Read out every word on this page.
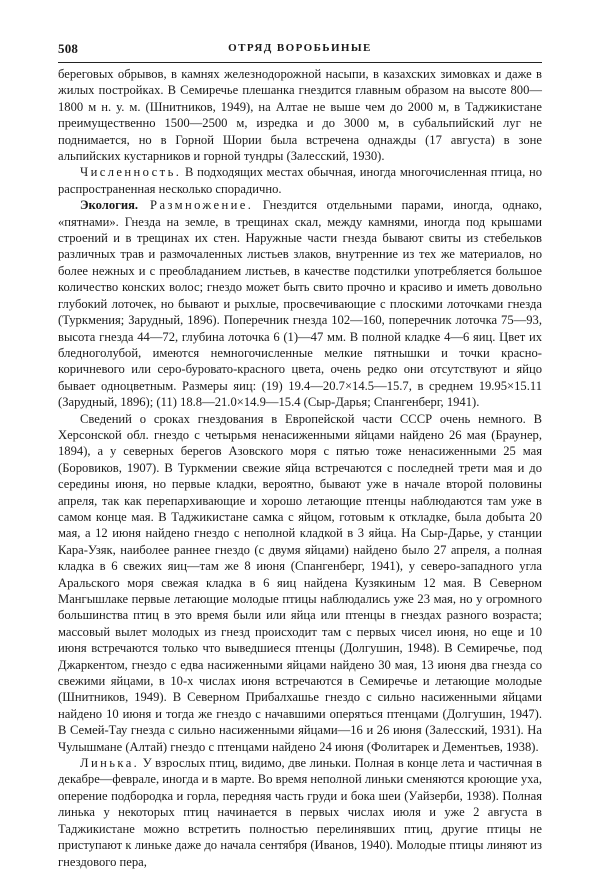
508	ОТРЯД ВОРОБЬИНЫЕ

береговых обрывов, в камнях железнодорожной насыпи, в казахских зимовках и даже в жилых постройках. В Семиречье плешанка гнездится главным образом на высоте 800—1800 м н. у. м. (Шнитников, 1949), на Алтае не выше чем до 2000 м, в Таджикистане преимущественно 1500—2500 м, изредка и до 3000 м, в субальпийский луг не поднимается, но в Горной Шории была встречена однажды (17 августа) в зоне альпийских кустарников и горной тундры (Залесский, 1930).

Численность. В подходящих местах обычная, иногда многочисленная птица, но распространенная несколько спорадично.

Экология. Размножение. Гнездится отдельными парами, иногда, однако, «пятнами». Гнезда на земле, в трещинах скал, между камнями, иногда под крышами строений и в трещинах их стен. Наружные части гнезда бывают свиты из стебельков различных трав и размочаленных листьев злаков, внутренние из тех же материалов, но более нежных и с преобладанием листьев, в качестве подстилки употребляется большое количество конских волос; гнездо может быть свито прочно и красиво и иметь довольно глубокий лоточек, но бывают и рыхлые, просвечивающие с плоскими лоточками гнезда (Туркмения; Зарудный, 1896). Поперечник гнезда 102—160, поперечник лоточка 75—93, высота гнезда 44—72, глубина лоточка 6 (1)—47 мм. В полной кладке 4—6 яиц. Цвет их бледноголубой, имеются немногочисленные мелкие пятнышки и точки красно-коричневого или серо-буровато-красного цвета, очень редко они отсутствуют и яйцо бывает одноцветным. Размеры яиц: (19) 19.4—20.7×14.5—15.7, в среднем 19.95×15.11 (Зарудный, 1896); (11) 18.8—21.0×14.9—15.4 (Сыр-Дарья; Спангенберг, 1941).

Сведений о сроках гнездования в Европейской части СССР очень немного. В Херсонской обл. гнездо с четырьмя ненасиженными яйцами найдено 26 мая (Браунер, 1894), а у северных берегов Азовского моря с пятью тоже ненасиженными 25 мая (Боровиков, 1907). В Туркмении свежие яйца встречаются с последней трети мая и до середины июня, но первые кладки, вероятно, бывают уже в начале второй половины апреля, так как перепархивающие и хорошо летающие птенцы наблюдаются там уже в самом конце мая. В Таджикистане самка с яйцом, готовым к откладке, была добыта 20 мая, а 12 июня найдено гнездо с неполной кладкой в 3 яйца. На Сыр-Дарье, у станции Кара-Узяк, наиболее раннее гнездо (с двумя яйцами) найдено было 27 апреля, а полная кладка в 6 свежих яиц—там же 8 июня (Спангенберг, 1941), у северо-западного угла Аральского моря свежая кладка в 6 яиц найдена Кузякиным 12 мая. В Северном Мангышлаке первые летающие молодые птицы наблюдались уже 23 мая, но у огромного большинства птиц в это время были или яйца или птенцы в гнездах разного возраста; массовый вылет молодых из гнезд происходит там с первых чисел июня, но еще и 10 июня встречаются только что выведшиеся птенцы (Долгушин, 1948). В Семиречье, под Джаркентом, гнездо с едва насиженными яйцами найдено 30 мая, 13 июня два гнезда со свежими яйцами, в 10-х числах июня встречаются в Семиречье и летающие молодые (Шнитников, 1949). В Северном Прибалхашье гнездо с сильно насиженными яйцами найдено 10 июня и тогда же гнездо с начавшими оперяться птенцами (Долгушин, 1947). В Семей-Тау гнезда с сильно насиженными яйцами—16 и 26 июня (Залесский, 1931). На Чулышмане (Алтай) гнездо с птенцами найдено 24 июня (Фолитарек и Дементьев, 1938).

Линька. У взрослых птиц, видимо, две линьки. Полная в конце лета и частичная в декабре—феврале, иногда и в марте. Во время неполной линьки сменяются кроющие уха, оперение подбородка и горла, передняя часть груди и бока шеи (Уайзерби, 1938). Полная линька у некоторых птиц начинается в первых числах июля и уже 2 августа в Таджикистане можно встретить полностью перелинявших птиц, другие птицы не приступают к линьке даже до начала сентября (Иванов, 1940). Молодые птицы линяют из гнездового пера,
